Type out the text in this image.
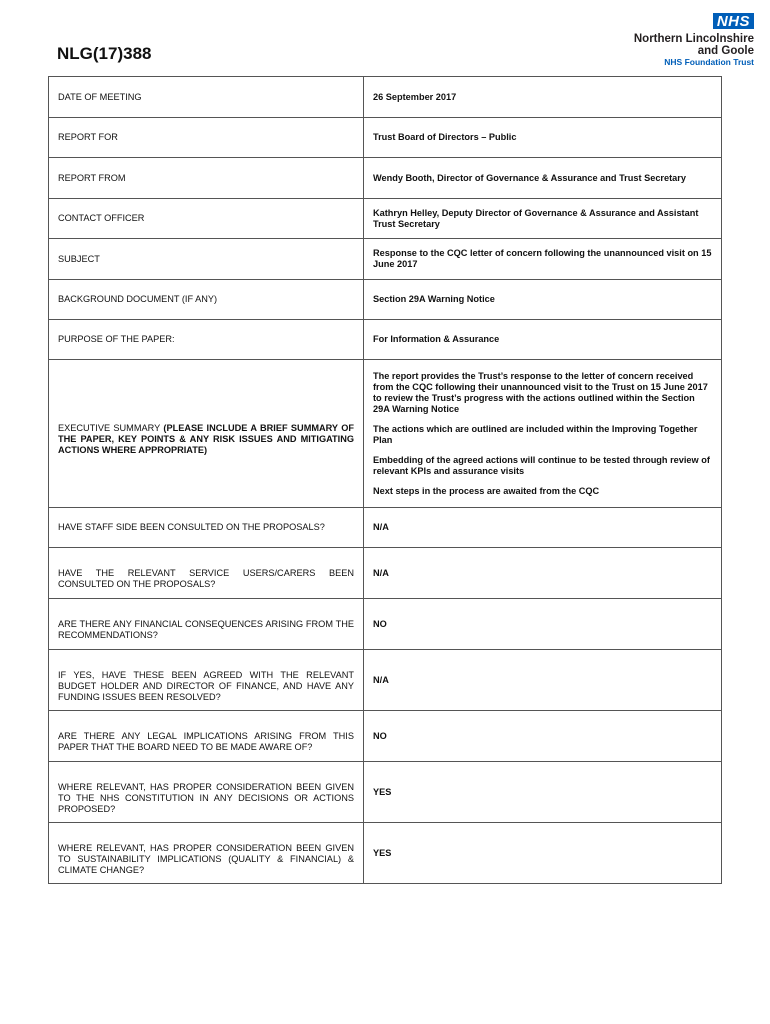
NLG(17)388
NHS
Northern Lincolnshire
and Goole
NHS Foundation Trust
DATE OF MEETING	26 September 2017
REPORT FOR	Trust Board of Directors – Public
REPORT FROM	Wendy Booth, Director of Governance & Assurance and Trust Secretary
CONTACT OFFICER	Kathryn Helley, Deputy Director of Governance & Assurance and Assistant Trust Secretary
SUBJECT	Response to the CQC letter of concern following the unannounced visit on 15 June 2017
BACKGROUND DOCUMENT (IF ANY)	Section 29A Warning Notice
PURPOSE OF THE PAPER:	For Information & Assurance
EXECUTIVE SUMMARY (PLEASE INCLUDE A BRIEF SUMMARY OF THE PAPER, KEY POINTS & ANY RISK ISSUES AND MITIGATING ACTIONS WHERE APPROPRIATE)	The report provides the Trust’s response to the letter of concern received from the CQC following their unannounced visit to the Trust on 15 June 2017 to review the Trust’s progress with the actions outlined within the Section 29A Warning Notice

The actions which are outlined are included within the Improving Together Plan

Embedding of the agreed actions will continue to be tested through review of relevant KPIs and assurance visits

Next steps in the process are awaited from the CQC

HAVE STAFF SIDE BEEN CONSULTED ON THE PROPOSALS?	N/A
HAVE THE RELEVANT SERVICE USERS/CARERS BEEN CONSULTED ON THE PROPOSALS?	N/A
ARE THERE ANY FINANCIAL CONSEQUENCES ARISING FROM THE RECOMMENDATIONS?	NO
IF YES, HAVE THESE BEEN AGREED WITH THE RELEVANT BUDGET HOLDER AND DIRECTOR OF FINANCE, AND HAVE ANY FUNDING ISSUES BEEN RESOLVED?	N/A
ARE THERE ANY LEGAL IMPLICATIONS ARISING FROM THIS PAPER THAT THE BOARD NEED TO BE MADE AWARE OF?	NO
WHERE RELEVANT, HAS PROPER CONSIDERATION BEEN GIVEN TO THE NHS CONSTITUTION IN ANY DECISIONS OR ACTIONS PROPOSED?	YES
WHERE RELEVANT, HAS PROPER CONSIDERATION BEEN GIVEN TO SUSTAINABILITY IMPLICATIONS (QUALITY & FINANCIAL) & CLIMATE CHANGE?	YES
